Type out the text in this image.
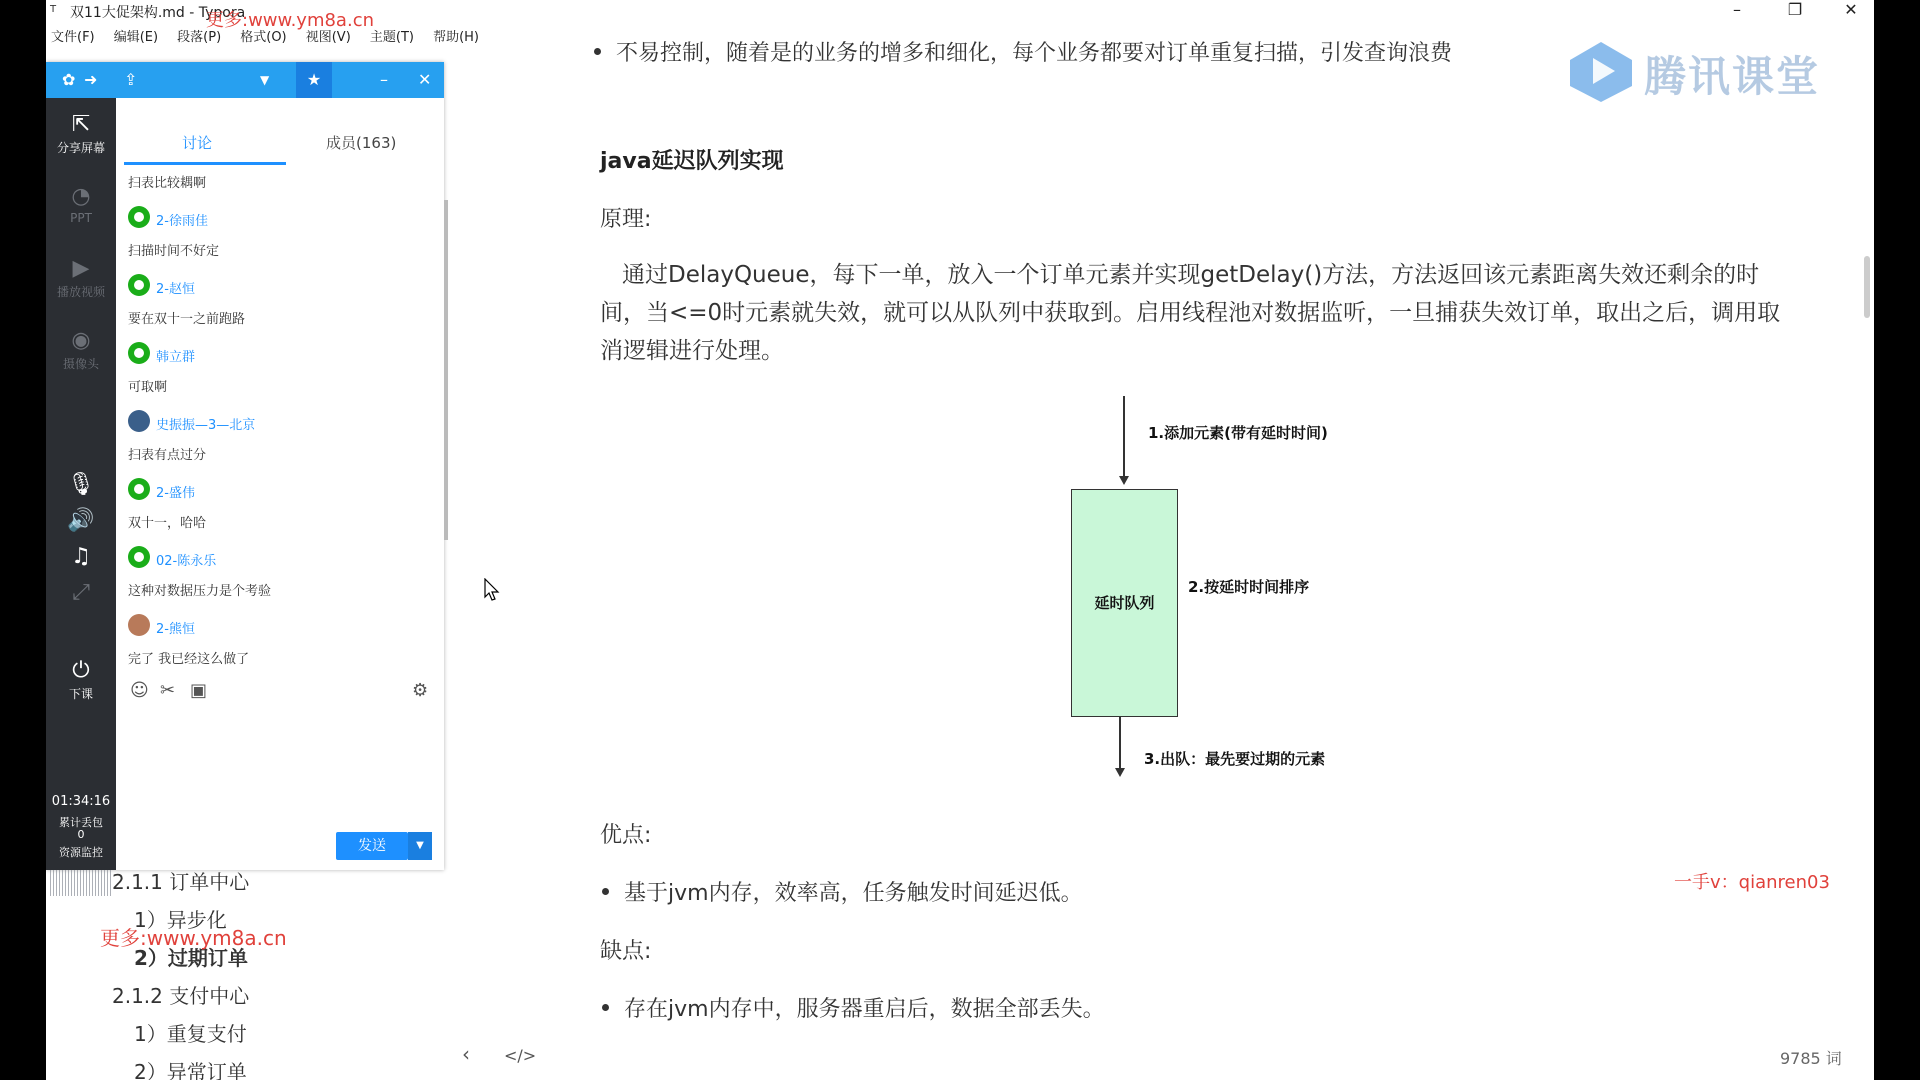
T 双11大促架构.md - Typora
更多:www.ym8a.cn
–	❐	✕
文件(F) 编辑(E) 段落(P) 格式(O) 视图(V) 主题(T) 帮助(H)
2.1.1 订单中心
1）异步化
2）过期订单
2.1.2 支付中心
1）重复支付
2）异常订单
更多:www.ym8a.cn
不易控制，随着是的业务的增多和细化，每个业务都要对订单重复扫描，引发查询浪费
java延迟队列实现
原理:
通过DelayQueue，每下一单，放入一个订单元素并实现getDelay()方法，方法返回该元素距离失效还剩余的时间，当<=0时元素就失效，就可以从队列中获取到。启用线程池对数据监听，一旦捕获失效订单，取出之后，调用取消逻辑进行处理。
1.添加元素(带有延时时间)
延时队列
2.按延时时间排序
3.出队：最先要过期的元素
优点:
基于jvm内存，效率高，任务触发时间延迟低。
缺点:
存在jvm内存中，服务器重启后，数据全部丢失。
一手v：qianren03
腾讯课堂
‹ </>	9785 词
✿ ➜ ⇪	▼	★	– ✕
⇱
分享屏幕
◔
PPT
▶
播放视频
◉
摄像头
🎙
🔊
♫
⤢
⏻
下课
01:34:16
累计丢包
0
资源监控
讨论	成员(163)
扫表比较耦啊
2-徐雨佳
扫描时间不好定
2-赵恒
要在双十一之前跑路
韩立群
可取啊
史振振—3—北京
扫表有点过分
2-盛伟
双十一，哈哈
02-陈永乐
这种对数据压力是个考验
2-熊恒
完了 我已经这么做了
☺ ✂ ▣	⚙
发送	▼
